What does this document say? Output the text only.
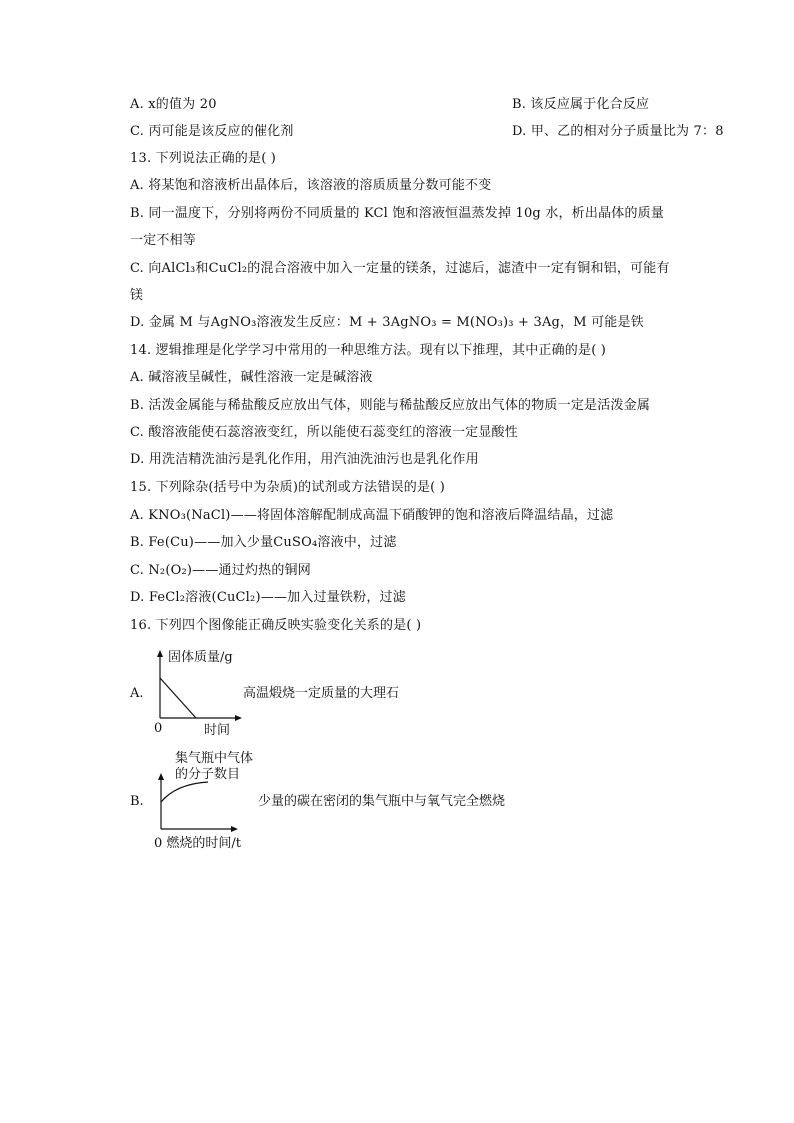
A. x的值为 20	B. 该反应属于化合反应
C. 丙可能是该反应的催化剂	D. 甲、乙的相对分子质量比为 7：8
13. 下列说法正确的是( )
A. 将某饱和溶液析出晶体后，该溶液的溶质质量分数可能不变
B. 同一温度下，分别将两份不同质量的 KCl 饱和溶液恒温蒸发掉 10g 水，析出晶体的质量
一定不相等
C. 向AlCl₃和CuCl₂的混合溶液中加入一定量的镁条，过滤后，滤渣中一定有铜和铝，可能有
镁
D. 金属 M 与AgNO₃溶液发生反应：M + 3AgNO₃ = M(NO₃)₃ + 3Ag，M 可能是铁
14. 逻辑推理是化学学习中常用的一种思维方法。现有以下推理，其中正确的是( )
A. 碱溶液呈碱性，碱性溶液一定是碱溶液
B. 活泼金属能与稀盐酸反应放出气体，则能与稀盐酸反应放出气体的物质一定是活泼金属
C. 酸溶液能使石蕊溶液变红，所以能使石蕊变红的溶液一定显酸性
D. 用洗洁精洗油污是乳化作用，用汽油洗油污也是乳化作用
15. 下列除杂(括号中为杂质)的试剂或方法错误的是( )
A. KNO₃(NaCl)——将固体溶解配制成高温下硝酸钾的饱和溶液后降温结晶，过滤
B. Fe(Cu)——加入少量CuSO₄溶液中，过滤
C. N₂(O₂)——通过灼热的铜网
D. FeCl₂溶液(CuCl₂)——加入过量铁粉，过滤
16. 下列四个图像能正确反映实验变化关系的是( )
A.
固体质量/g
0	时间
高温煅烧一定质量的大理石
集气瓶中气体
的分子数目
B.
0 燃烧的时间/t
少量的碳在密闭的集气瓶中与氧气完全燃烧
